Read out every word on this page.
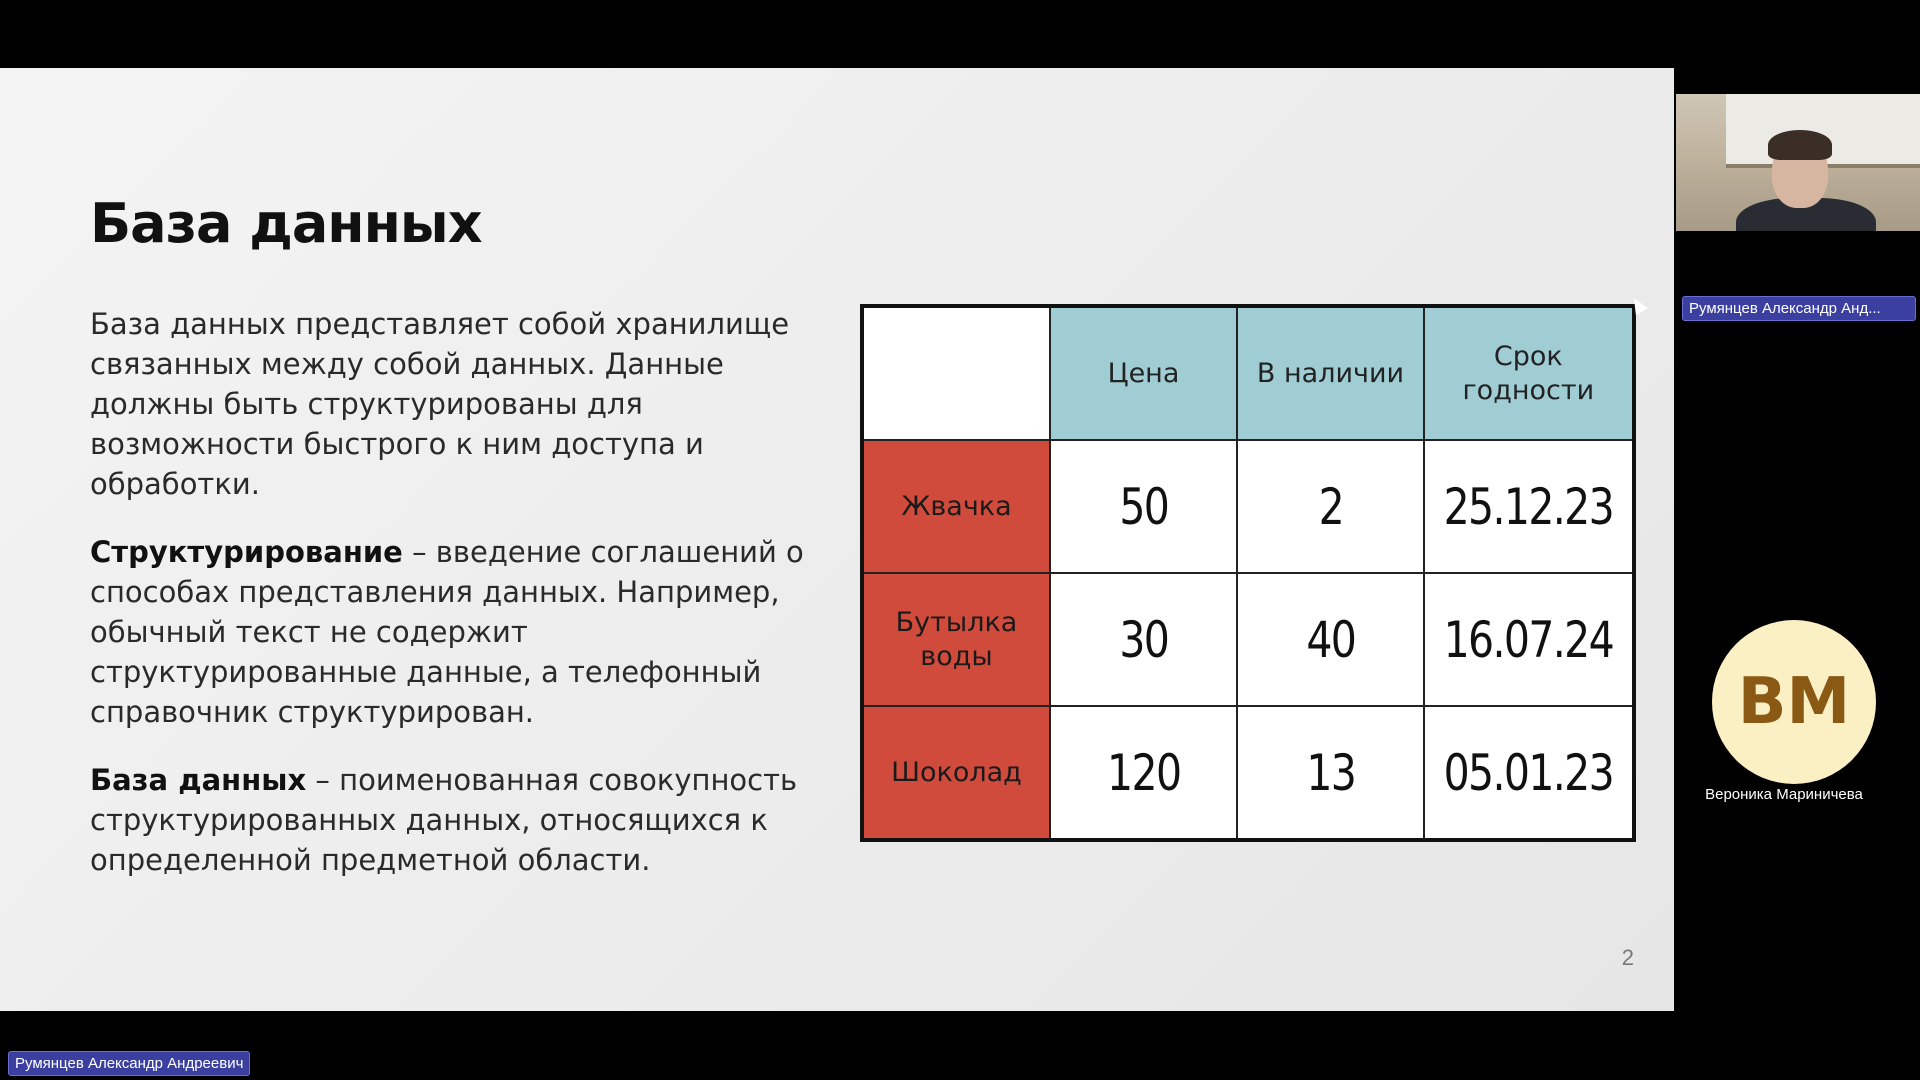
База данных

База данных представляет собой хранилище связанных между собой данных. Данные должны быть структурированы для возможности быстрого к ним доступа и обработки.

Структурирование – введение соглашений о способах представления данных. Например, обычный текст не содержит структурированные данные, а телефонный справочник структурирован.

База данных – поименованная совокупность структурированных данных, относящихся к определенной предметной области.

	Цена	В наличии	Срок годности
Жвачка	50	2	25.12.23
Бутылка воды	30	40	16.07.24
Шоколад	120	13	05.01.23
2
Румянцев Александр Анд...
ВМ
Вероника Мариничева
Румянцев Александр Андреевич
